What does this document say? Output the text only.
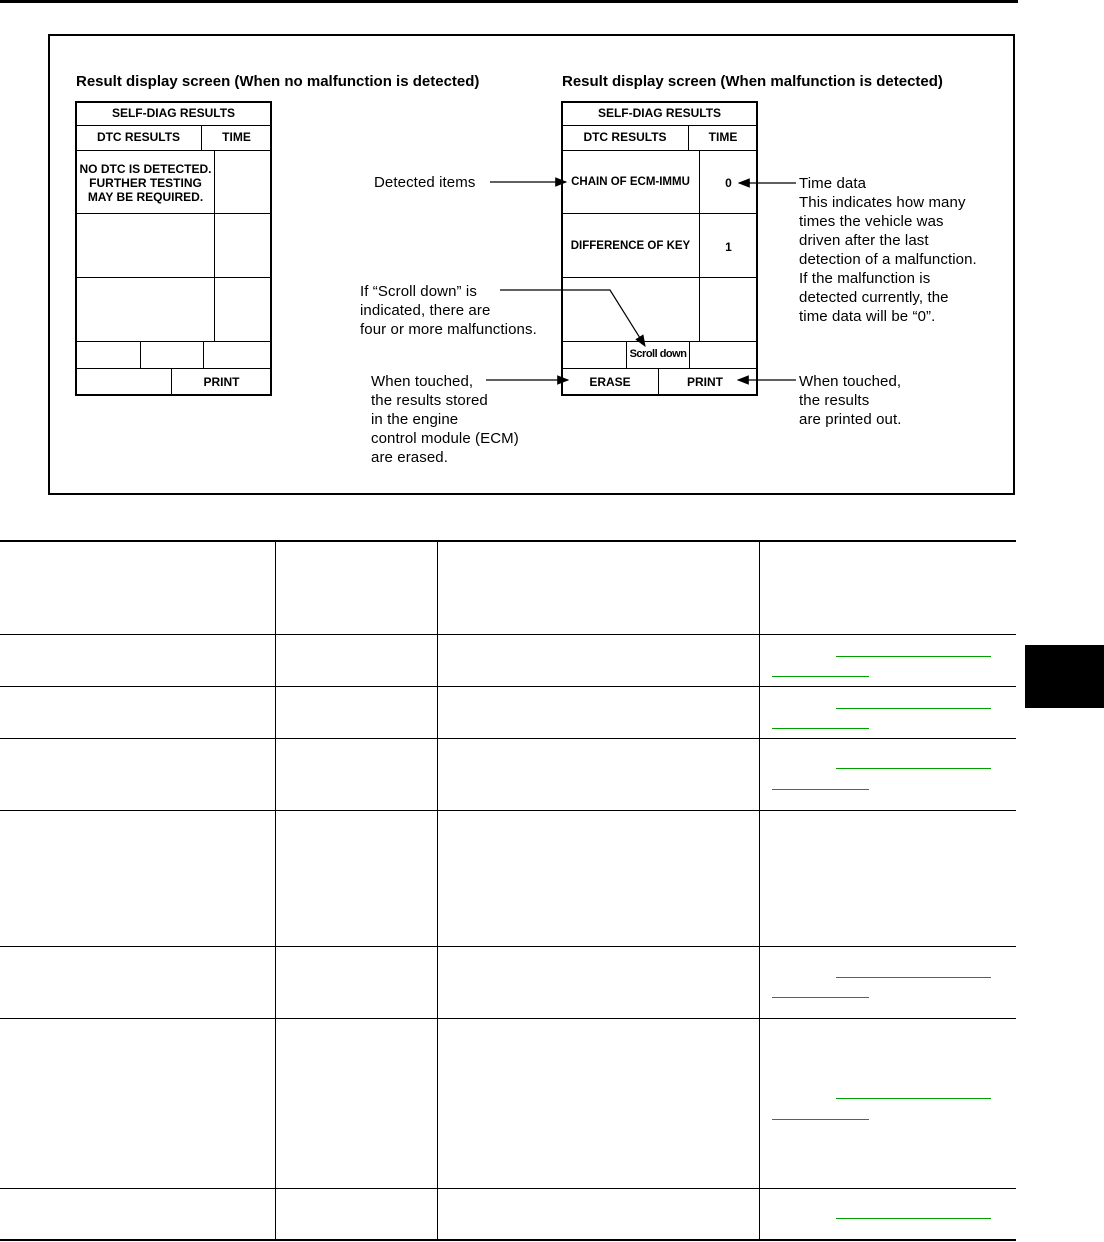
Result display screen (When no malfunction is detected)	Result display screen (When malfunction is detected)
SELF-DIAG RESULTS
DTC RESULTS	TIME
NO DTC IS DETECTED.
FURTHER TESTING
MAY BE REQUIRED.
PRINT
SELF-DIAG RESULTS
DTC RESULTS	TIME
CHAIN OF ECM-IMMU	0
DIFFERENCE OF KEY	1
Scroll down
ERASE	PRINT
Detected items
If “Scroll down” is
indicated, there are
four or more malfunctions.
When touched,
the results stored
in the engine
control module (ECM)
are erased.
Time data
This indicates how many
times the vehicle was
driven after the last
detection of a malfunction.
If the malfunction is
detected currently, the
time data will be “0”.
When touched,
the results
are printed out.
